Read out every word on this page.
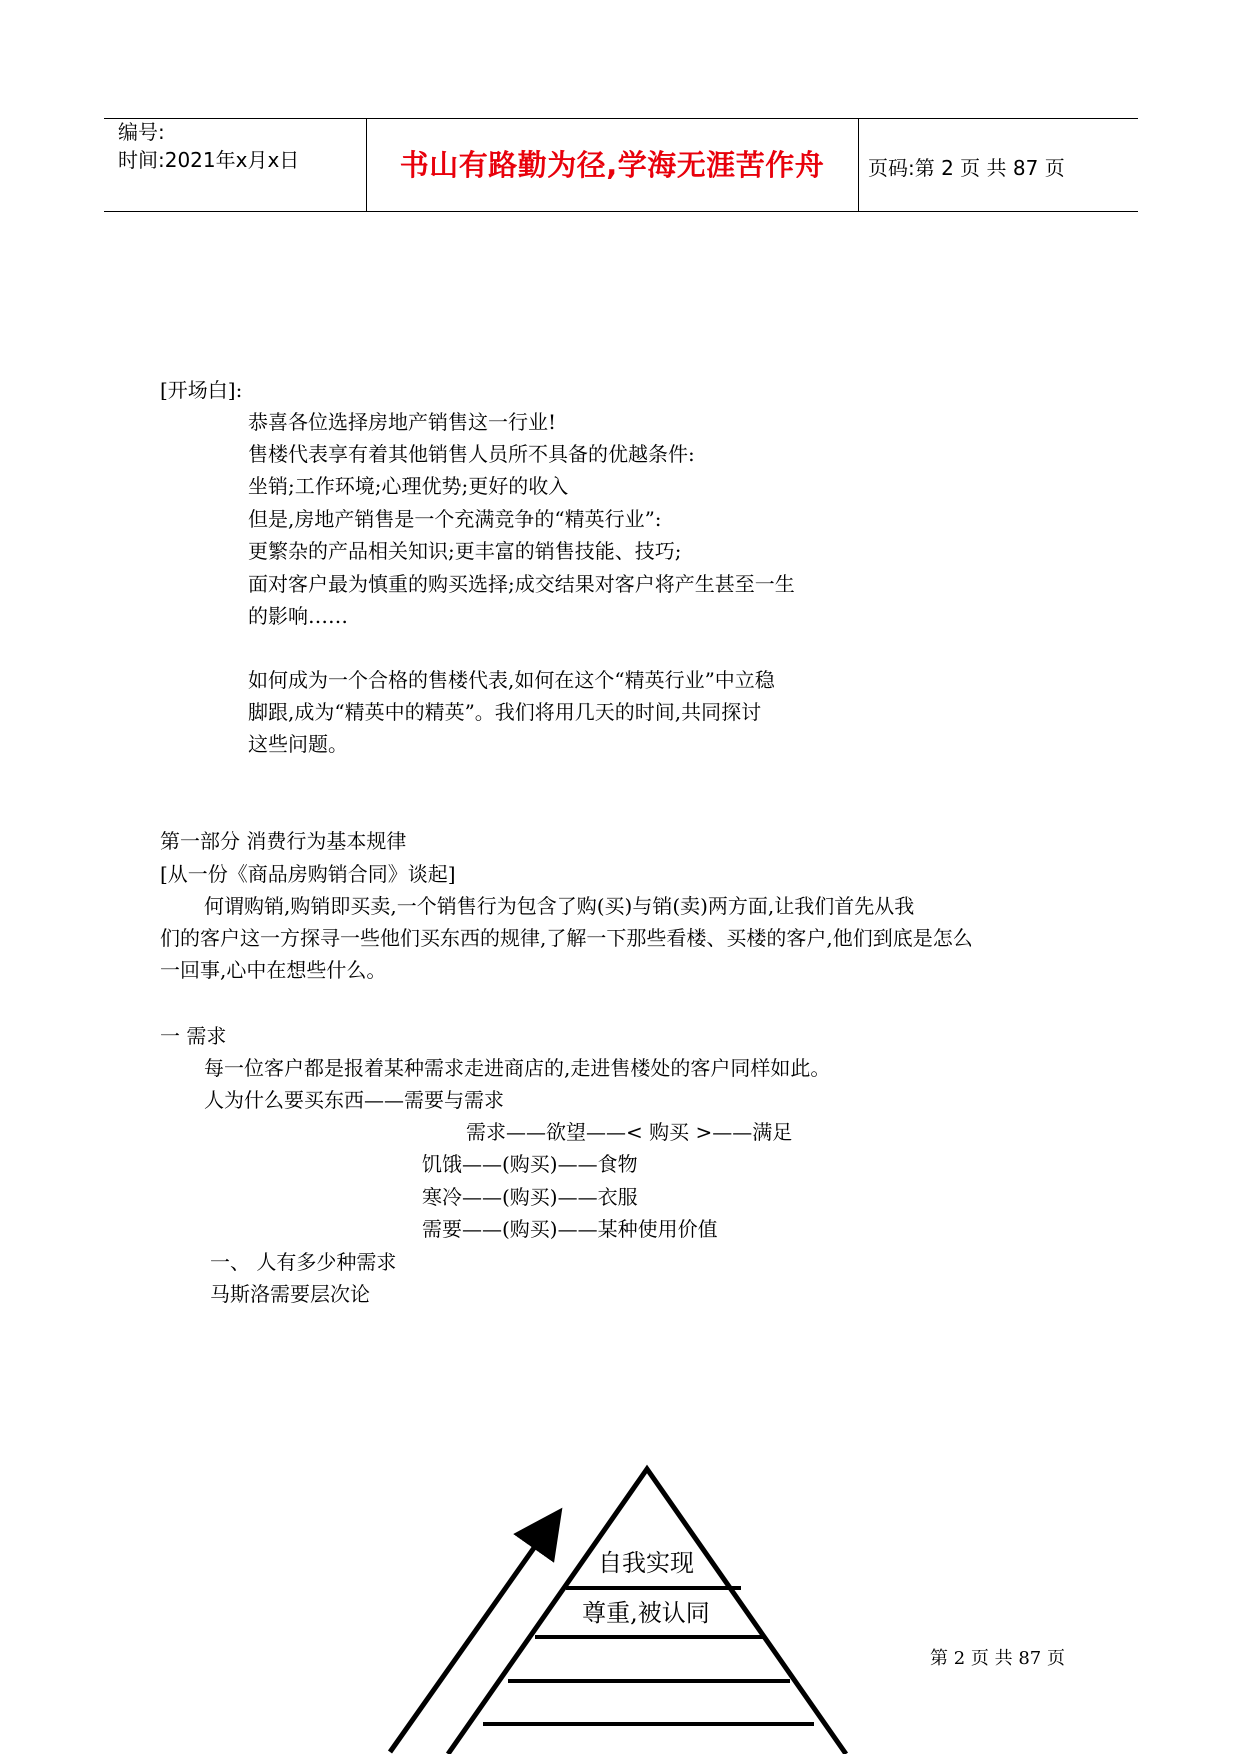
编号:
时间:2021年x月x日	书山有路勤为径,学海无涯苦作舟	页码:第 2 页 共 87 页
[开场白]:
恭喜各位选择房地产销售这一行业!
售楼代表享有着其他销售人员所不具备的优越条件:
坐销;工作环境;心理优势;更好的收入
但是,房地产销售是一个充满竞争的“精英行业”:
更繁杂的产品相关知识;更丰富的销售技能、技巧;
面对客户最为慎重的购买选择;成交结果对客户将产生甚至一生
的影响……
如何成为一个合格的售楼代表,如何在这个“精英行业”中立稳
脚跟,成为“精英中的精英”。我们将用几天的时间,共同探讨
这些问题。
第一部分 消费行为基本规律
[从一份《商品房购销合同》谈起]
何谓购销,购销即买卖,一个销售行为包含了购(买)与销(卖)两方面,让我们首先从我
们的客户这一方探寻一些他们买东西的规律,了解一下那些看楼、买楼的客户,他们到底是怎么
一回事,心中在想些什么。
一 需求
每一位客户都是报着某种需求走进商店的,走进售楼处的客户同样如此。
人为什么要买东西——需要与需求
需求——欲望——< 购买 >——满足
饥饿——(购买)——食物
寒冷——(购买)——衣服
需要——(购买)——某种使用价值
一、 人有多少种需求
马斯洛需要层次论
自我实现
尊重,被认同
第 2 页 共 87 页
